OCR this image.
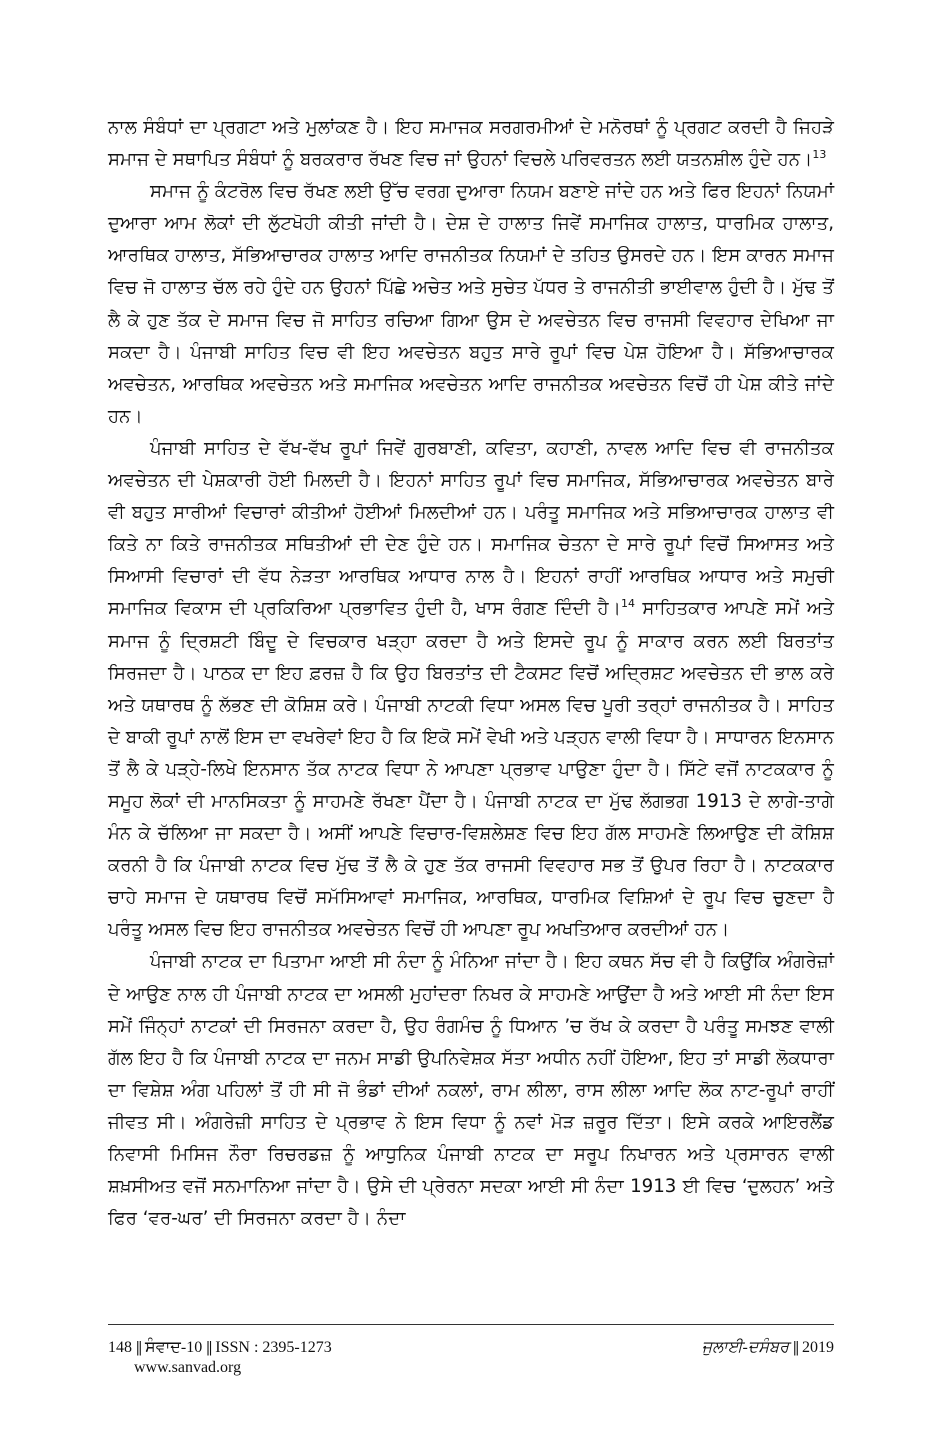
ਨਾਲ ਸੰਬੰਧਾਂ ਦਾ ਪ੍ਰਗਟਾ ਅਤੇ ਮੁਲਾਂਕਣ ਹੈ। ਇਹ ਸਮਾਜਕ ਸਰਗਰਮੀਆਂ ਦੇ ਮਨੋਰਥਾਂ ਨੂੰ ਪ੍ਰਗਟ ਕਰਦੀ ਹੈ ਜਿਹੜੇ ਸਮਾਜ ਦੇ ਸਥਾਪਿਤ ਸੰਬੰਧਾਂ ਨੂੰ ਬਰਕਰਾਰ ਰੱਖਣ ਵਿਚ ਜਾਂ ਉਹਨਾਂ ਵਿਚਲੇ ਪਰਿਵਰਤਨ ਲਈ ਯਤਨਸ਼ੀਲ ਹੁੰਦੇ ਹਨ।$^{13}$

ਸਮਾਜ ਨੂੰ ਕੰਟਰੋਲ ਵਿਚ ਰੱਖਣ ਲਈ ਉੱਚ ਵਰਗ ਦੁਆਰਾ ਨਿਯਮ ਬਣਾਏ ਜਾਂਦੇ ਹਨ ਅਤੇ ਫਿਰ ਇਹਨਾਂ ਨਿਯਮਾਂ ਦੁਆਰਾ ਆਮ ਲੋਕਾਂ ਦੀ ਲੁੱਟਖੋਹੀ ਕੀਤੀ ਜਾਂਦੀ ਹੈ। ਦੇਸ਼ ਦੇ ਹਾਲਾਤ ਜਿਵੇਂ ਸਮਾਜਿਕ ਹਾਲਾਤ, ਧਾਰਮਿਕ ਹਾਲਾਤ, ਆਰਥਿਕ ਹਾਲਾਤ, ਸੱਭਿਆਚਾਰਕ ਹਾਲਾਤ ਆਦਿ ਰਾਜਨੀਤਕ ਨਿਯਮਾਂ ਦੇ ਤਹਿਤ ਉਸਰਦੇ ਹਨ। ਇਸ ਕਾਰਨ ਸਮਾਜ ਵਿਚ ਜੋ ਹਾਲਾਤ ਚੱਲ ਰਹੇ ਹੁੰਦੇ ਹਨ ਉਹਨਾਂ ਪਿੱਛੇ ਅਚੇਤ ਅਤੇ ਸੁਚੇਤ ਪੱਧਰ ਤੇ ਰਾਜਨੀਤੀ ਭਾਈਵਾਲ ਹੁੰਦੀ ਹੈ। ਮੁੱਢ ਤੋਂ ਲੈ ਕੇ ਹੁਣ ਤੱਕ ਦੇ ਸਮਾਜ ਵਿਚ ਜੋ ਸਾਹਿਤ ਰਚਿਆ ਗਿਆ ਉਸ ਦੇ ਅਵਚੇਤਨ ਵਿਚ ਰਾਜਸੀ ਵਿਵਹਾਰ ਦੇਖਿਆ ਜਾ ਸਕਦਾ ਹੈ। ਪੰਜਾਬੀ ਸਾਹਿਤ ਵਿਚ ਵੀ ਇਹ ਅਵਚੇਤਨ ਬਹੁਤ ਸਾਰੇ ਰੂਪਾਂ ਵਿਚ ਪੇਸ਼ ਹੋਇਆ ਹੈ। ਸੱਭਿਆਚਾਰਕ ਅਵਚੇਤਨ, ਆਰਥਿਕ ਅਵਚੇਤਨ ਅਤੇ ਸਮਾਜਿਕ ਅਵਚੇਤਨ ਆਦਿ ਰਾਜਨੀਤਕ ਅਵਚੇਤਨ ਵਿਚੋਂ ਹੀ ਪੇਸ਼ ਕੀਤੇ ਜਾਂਦੇ ਹਨ।

ਪੰਜਾਬੀ ਸਾਹਿਤ ਦੇ ਵੱਖ-ਵੱਖ ਰੂਪਾਂ ਜਿਵੇਂ ਗੁਰਬਾਣੀ, ਕਵਿਤਾ, ਕਹਾਣੀ, ਨਾਵਲ ਆਦਿ ਵਿਚ ਵੀ ਰਾਜਨੀਤਕ ਅਵਚੇਤਨ ਦੀ ਪੇਸ਼ਕਾਰੀ ਹੋਈ ਮਿਲਦੀ ਹੈ। ਇਹਨਾਂ ਸਾਹਿਤ ਰੂਪਾਂ ਵਿਚ ਸਮਾਜਿਕ, ਸੱਭਿਆਚਾਰਕ ਅਵਚੇਤਨ ਬਾਰੇ ਵੀ ਬਹੁਤ ਸਾਰੀਆਂ ਵਿਚਾਰਾਂ ਕੀਤੀਆਂ ਹੋਈਆਂ ਮਿਲਦੀਆਂ ਹਨ। ਪਰੰਤੂ ਸਮਾਜਿਕ ਅਤੇ ਸਭਿਆਚਾਰਕ ਹਾਲਾਤ ਵੀ ਕਿਤੇ ਨਾ ਕਿਤੇ ਰਾਜਨੀਤਕ ਸਥਿਤੀਆਂ ਦੀ ਦੇਣ ਹੁੰਦੇ ਹਨ। ਸਮਾਜਿਕ ਚੇਤਨਾ ਦੇ ਸਾਰੇ ਰੂਪਾਂ ਵਿਚੋਂ ਸਿਆਸਤ ਅਤੇ ਸਿਆਸੀ ਵਿਚਾਰਾਂ ਦੀ ਵੱਧ ਨੇੜਤਾ ਆਰਥਿਕ ਆਧਾਰ ਨਾਲ ਹੈ। ਇਹਨਾਂ ਰਾਹੀਂ ਆਰਥਿਕ ਆਧਾਰ ਅਤੇ ਸਮੁਚੀ ਸਮਾਜਿਕ ਵਿਕਾਸ ਦੀ ਪ੍ਰਕਿਰਿਆ ਪ੍ਰਭਾਵਿਤ ਹੁੰਦੀ ਹੈ, ਖਾਸ ਰੰਗਣ ਦਿੰਦੀ ਹੈ।$^{14}$ ਸਾਹਿਤਕਾਰ ਆਪਣੇ ਸਮੇਂ ਅਤੇ ਸਮਾਜ ਨੂੰ ਦ੍ਰਿਸ਼ਟੀ ਬਿੰਦੂ ਦੇ ਵਿਚਕਾਰ ਖੜ੍ਹਾ ਕਰਦਾ ਹੈ ਅਤੇ ਇਸਦੇ ਰੂਪ ਨੂੰ ਸਾਕਾਰ ਕਰਨ ਲਈ ਬਿਰਤਾਂਤ ਸਿਰਜਦਾ ਹੈ। ਪਾਠਕ ਦਾ ਇਹ ਫ਼ਰਜ਼ ਹੈ ਕਿ ਉਹ ਬਿਰਤਾਂਤ ਦੀ ਟੈਕਸਟ ਵਿਚੋਂ ਅਦ੍ਰਿਸ਼ਟ ਅਵਚੇਤਨ ਦੀ ਭਾਲ ਕਰੇ ਅਤੇ ਯਥਾਰਥ ਨੂੰ ਲੱਭਣ ਦੀ ਕੋਸ਼ਿਸ਼ ਕਰੇ। ਪੰਜਾਬੀ ਨਾਟਕੀ ਵਿਧਾ ਅਸਲ ਵਿਚ ਪੂਰੀ ਤਰ੍ਹਾਂ ਰਾਜਨੀਤਕ ਹੈ। ਸਾਹਿਤ ਦੇ ਬਾਕੀ ਰੂਪਾਂ ਨਾਲੋਂ ਇਸ ਦਾ ਵਖਰੇਵਾਂ ਇਹ ਹੈ ਕਿ ਇਕੋ ਸਮੇਂ ਵੇਖੀ ਅਤੇ ਪੜ੍ਹਨ ਵਾਲੀ ਵਿਧਾ ਹੈ। ਸਾਧਾਰਨ ਇਨਸਾਨ ਤੋਂ ਲੈ ਕੇ ਪੜ੍ਹੇ-ਲਿਖੇ ਇਨਸਾਨ ਤੱਕ ਨਾਟਕ ਵਿਧਾ ਨੇ ਆਪਣਾ ਪ੍ਰਭਾਵ ਪਾਉਣਾ ਹੁੰਦਾ ਹੈ। ਸਿੱਟੇ ਵਜੋਂ ਨਾਟਕਕਾਰ ਨੂੰ ਸਮੂਹ ਲੋਕਾਂ ਦੀ ਮਾਨਸਿਕਤਾ ਨੂੰ ਸਾਹਮਣੇ ਰੱਖਣਾ ਪੈਂਦਾ ਹੈ। ਪੰਜਾਬੀ ਨਾਟਕ ਦਾ ਮੁੱਢ ਲੱਗਭਗ 1913 ਦੇ ਲਾਗੇ-ਤਾਗੇ ਮੰਨ ਕੇ ਚੱਲਿਆ ਜਾ ਸਕਦਾ ਹੈ। ਅਸੀਂ ਆਪਣੇ ਵਿਚਾਰ-ਵਿਸ਼ਲੇਸ਼ਣ ਵਿਚ ਇਹ ਗੱਲ ਸਾਹਮਣੇ ਲਿਆਉਣ ਦੀ ਕੋਸ਼ਿਸ਼ ਕਰਨੀ ਹੈ ਕਿ ਪੰਜਾਬੀ ਨਾਟਕ ਵਿਚ ਮੁੱਢ ਤੋਂ ਲੈ ਕੇ ਹੁਣ ਤੱਕ ਰਾਜਸੀ ਵਿਵਹਾਰ ਸਭ ਤੋਂ ਉਪਰ ਰਿਹਾ ਹੈ। ਨਾਟਕਕਾਰ ਚਾਹੇ ਸਮਾਜ ਦੇ ਯਥਾਰਥ ਵਿਚੋਂ ਸਮੱਸਿਆਵਾਂ ਸਮਾਜਿਕ, ਆਰਥਿਕ, ਧਾਰਮਿਕ ਵਿਸ਼ਿਆਂ ਦੇ ਰੂਪ ਵਿਚ ਚੁਣਦਾ ਹੈ ਪਰੰਤੂ ਅਸਲ ਵਿਚ ਇਹ ਰਾਜਨੀਤਕ ਅਵਚੇਤਨ ਵਿਚੋਂ ਹੀ ਆਪਣਾ ਰੂਪ ਅਖਤਿਆਰ ਕਰਦੀਆਂ ਹਨ।

ਪੰਜਾਬੀ ਨਾਟਕ ਦਾ ਪਿਤਾਮਾ ਆਈ ਸੀ ਨੰਦਾ ਨੂੰ ਮੰਨਿਆ ਜਾਂਦਾ ਹੈ। ਇਹ ਕਥਨ ਸੱਚ ਵੀ ਹੈ ਕਿਉਂਕਿ ਅੰਗਰੇਜ਼ਾਂ ਦੇ ਆਉਣ ਨਾਲ ਹੀ ਪੰਜਾਬੀ ਨਾਟਕ ਦਾ ਅਸਲੀ ਮੁਹਾਂਦਰਾ ਨਿਖਰ ਕੇ ਸਾਹਮਣੇ ਆਉਂਦਾ ਹੈ ਅਤੇ ਆਈ ਸੀ ਨੰਦਾ ਇਸ ਸਮੇਂ ਜਿੰਨ੍ਹਾਂ ਨਾਟਕਾਂ ਦੀ ਸਿਰਜਨਾ ਕਰਦਾ ਹੈ, ਉਹ ਰੰਗਮੰਚ ਨੂੰ ਧਿਆਨ ’ਚ ਰੱਖ ਕੇ ਕਰਦਾ ਹੈ ਪਰੰਤੂ ਸਮਝਣ ਵਾਲੀ ਗੱਲ ਇਹ ਹੈ ਕਿ ਪੰਜਾਬੀ ਨਾਟਕ ਦਾ ਜਨਮ ਸਾਡੀ ਉਪਨਿਵੇਸ਼ਕ ਸੱਤਾ ਅਧੀਨ ਨਹੀਂ ਹੋਇਆ, ਇਹ ਤਾਂ ਸਾਡੀ ਲੋਕਧਾਰਾ ਦਾ ਵਿਸ਼ੇਸ਼ ਅੰਗ ਪਹਿਲਾਂ ਤੋਂ ਹੀ ਸੀ ਜੋ ਭੰਡਾਂ ਦੀਆਂ ਨਕਲਾਂ, ਰਾਮ ਲੀਲਾ, ਰਾਸ ਲੀਲਾ ਆਦਿ ਲੋਕ ਨਾਟ-ਰੂਪਾਂ ਰਾਹੀਂ ਜੀਵਤ ਸੀ। ਅੰਗਰੇਜ਼ੀ ਸਾਹਿਤ ਦੇ ਪ੍ਰਭਾਵ ਨੇ ਇਸ ਵਿਧਾ ਨੂੰ ਨਵਾਂ ਮੋੜ ਜ਼ਰੂਰ ਦਿੱਤਾ। ਇਸੇ ਕਰਕੇ ਆਇਰਲੈਂਡ ਨਿਵਾਸੀ ਮਿਸਿਜ ਨੌਰਾ ਰਿਚਰਡਜ਼ ਨੂੰ ਆਧੁਨਿਕ ਪੰਜਾਬੀ ਨਾਟਕ ਦਾ ਸਰੂਪ ਨਿਖਾਰਨ ਅਤੇ ਪ੍ਰਸਾਰਨ ਵਾਲੀ ਸ਼ਖ਼ਸੀਅਤ ਵਜੋਂ ਸਨਮਾਨਿਆ ਜਾਂਦਾ ਹੈ। ਉਸੇ ਦੀ ਪ੍ਰੇਰਨਾ ਸਦਕਾ ਆਈ ਸੀ ਨੰਦਾ 1913 ਈ ਵਿਚ ‘ਦੁਲਹਨ’ ਅਤੇ ਫਿਰ ‘ਵਰ-ਘਰ’ ਦੀ ਸਿਰਜਨਾ ਕਰਦਾ ਹੈ। ਨੰਦਾ

148 || ਸੰਵਾਦ-10 || ISSN : 2395-1273
www.sanvad.org
ਜੁਲਾਈ-ਦਸੰਬਰ || 2019
